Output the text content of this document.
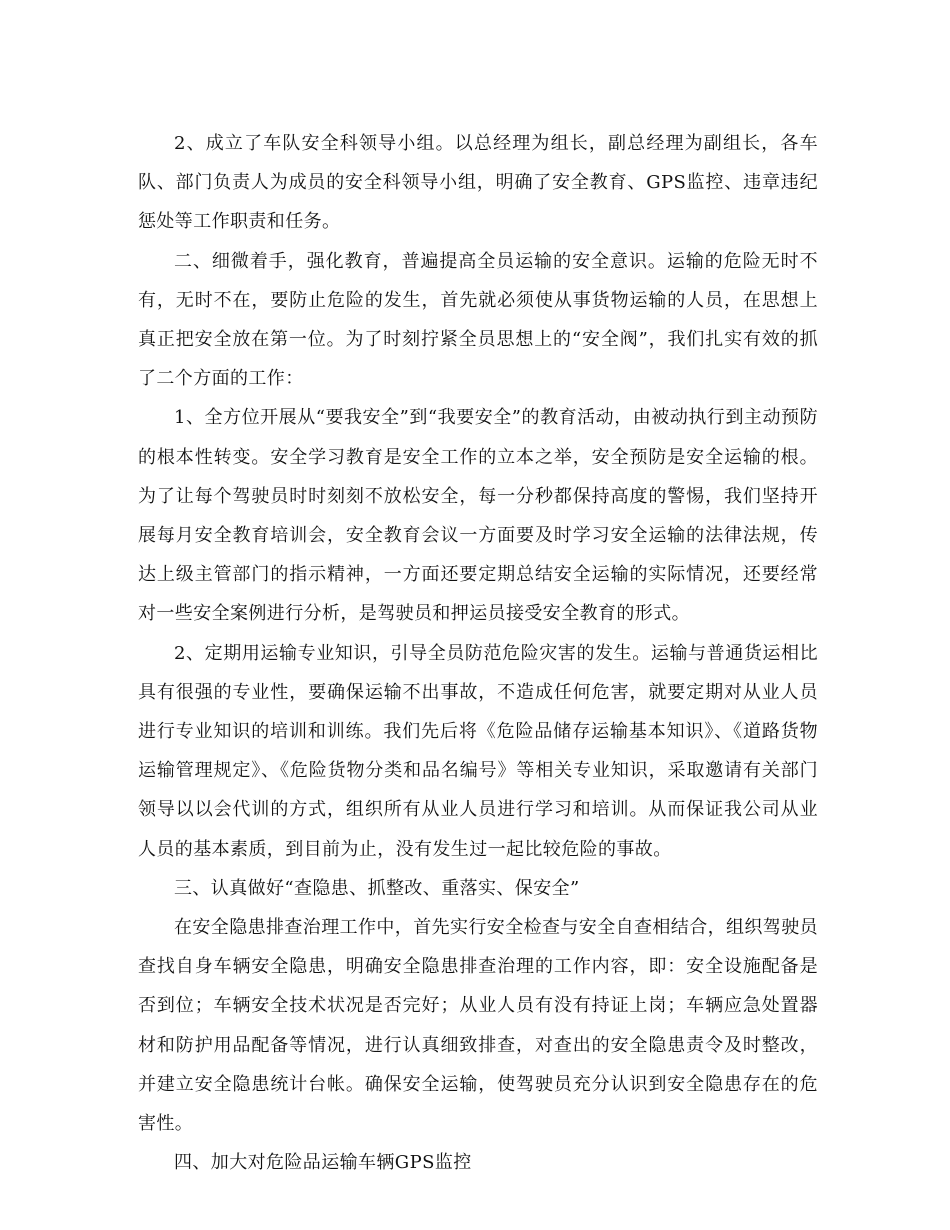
2、成立了车队安全科领导小组。以总经理为组长，副总经理为副组长，各车队、部门负责人为成员的安全科领导小组，明确了安全教育、GPS监控、违章违纪惩处等工作职责和任务。

二、细微着手，强化教育，普遍提高全员运输的安全意识。运输的危险无时不有，无时不在，要防止危险的发生，首先就必须使从事货物运输的人员，在思想上真正把安全放在第一位。为了时刻拧紧全员思想上的“安全阀”，我们扎实有效的抓了二个方面的工作：

1、全方位开展从“要我安全”到“我要安全”的教育活动，由被动执行到主动预防的根本性转变。安全学习教育是安全工作的立本之举，安全预防是安全运输的根。为了让每个驾驶员时时刻刻不放松安全，每一分秒都保持高度的警惕，我们坚持开展每月安全教育培训会，安全教育会议一方面要及时学习安全运输的法律法规，传达上级主管部门的指示精神，一方面还要定期总结安全运输的实际情况，还要经常对一些安全案例进行分析，是驾驶员和押运员接受安全教育的形式。

2、定期用运输专业知识，引导全员防范危险灾害的发生。运输与普通货运相比具有很强的专业性，要确保运输不出事故，不造成任何危害，就要定期对从业人员进行专业知识的培训和训练。我们先后将《危险品储存运输基本知识》、《道路货物运输管理规定》、《危险货物分类和品名编号》等相关专业知识，采取邀请有关部门领导以以会代训的方式，组织所有从业人员进行学习和培训。从而保证我公司从业人员的基本素质，到目前为止，没有发生过一起比较危险的事故。

三、认真做好“查隐患、抓整改、重落实、保安全”

在安全隐患排查治理工作中，首先实行安全检查与安全自查相结合，组织驾驶员查找自身车辆安全隐患，明确安全隐患排查治理的工作内容，即：安全设施配备是否到位；车辆安全技术状况是否完好；从业人员有没有持证上岗；车辆应急处置器材和防护用品配备等情况，进行认真细致排查，对查出的安全隐患责令及时整改，并建立安全隐患统计台帐。确保安全运输，使驾驶员充分认识到安全隐患存在的危害性。

四、加大对危险品运输车辆GPS监控
